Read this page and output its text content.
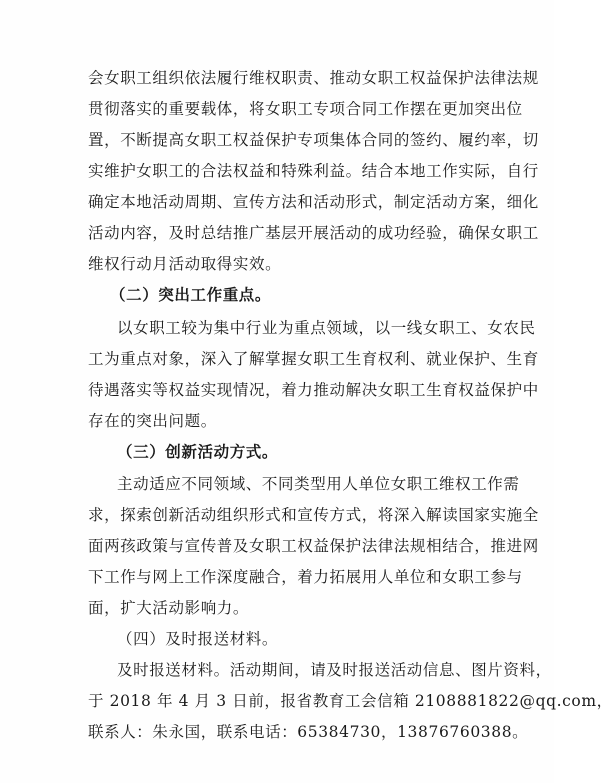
会女职工组织依法履行维权职责、推动女职工权益保护法律法规
贯彻落实的重要载体，将女职工专项合同工作摆在更加突出位
置，不断提高女职工权益保护专项集体合同的签约、履约率，切
实维护女职工的合法权益和特殊利益。结合本地工作实际，自行
确定本地活动周期、宣传方法和活动形式，制定活动方案，细化
活动内容，及时总结推广基层开展活动的成功经验，确保女职工
维权行动月活动取得实效。
（二）突出工作重点。
以女职工较为集中行业为重点领域，以一线女职工、女农民
工为重点对象，深入了解掌握女职工生育权利、就业保护、生育
待遇落实等权益实现情况，着力推动解决女职工生育权益保护中
存在的突出问题。
（三）创新活动方式。
主动适应不同领域、不同类型用人单位女职工维权工作需
求，探索创新活动组织形式和宣传方式，将深入解读国家实施全
面两孩政策与宣传普及女职工权益保护法律法规相结合，推进网
下工作与网上工作深度融合，着力拓展用人单位和女职工参与
面，扩大活动影响力。
（四）及时报送材料。
及时报送材料。活动期间，请及时报送活动信息、图片资料，
于 2018 年 4 月 3 日前，报省教育工会信箱 2108881822@qq.com，
联系人：朱永国，联系电话：65384730，13876760388。
